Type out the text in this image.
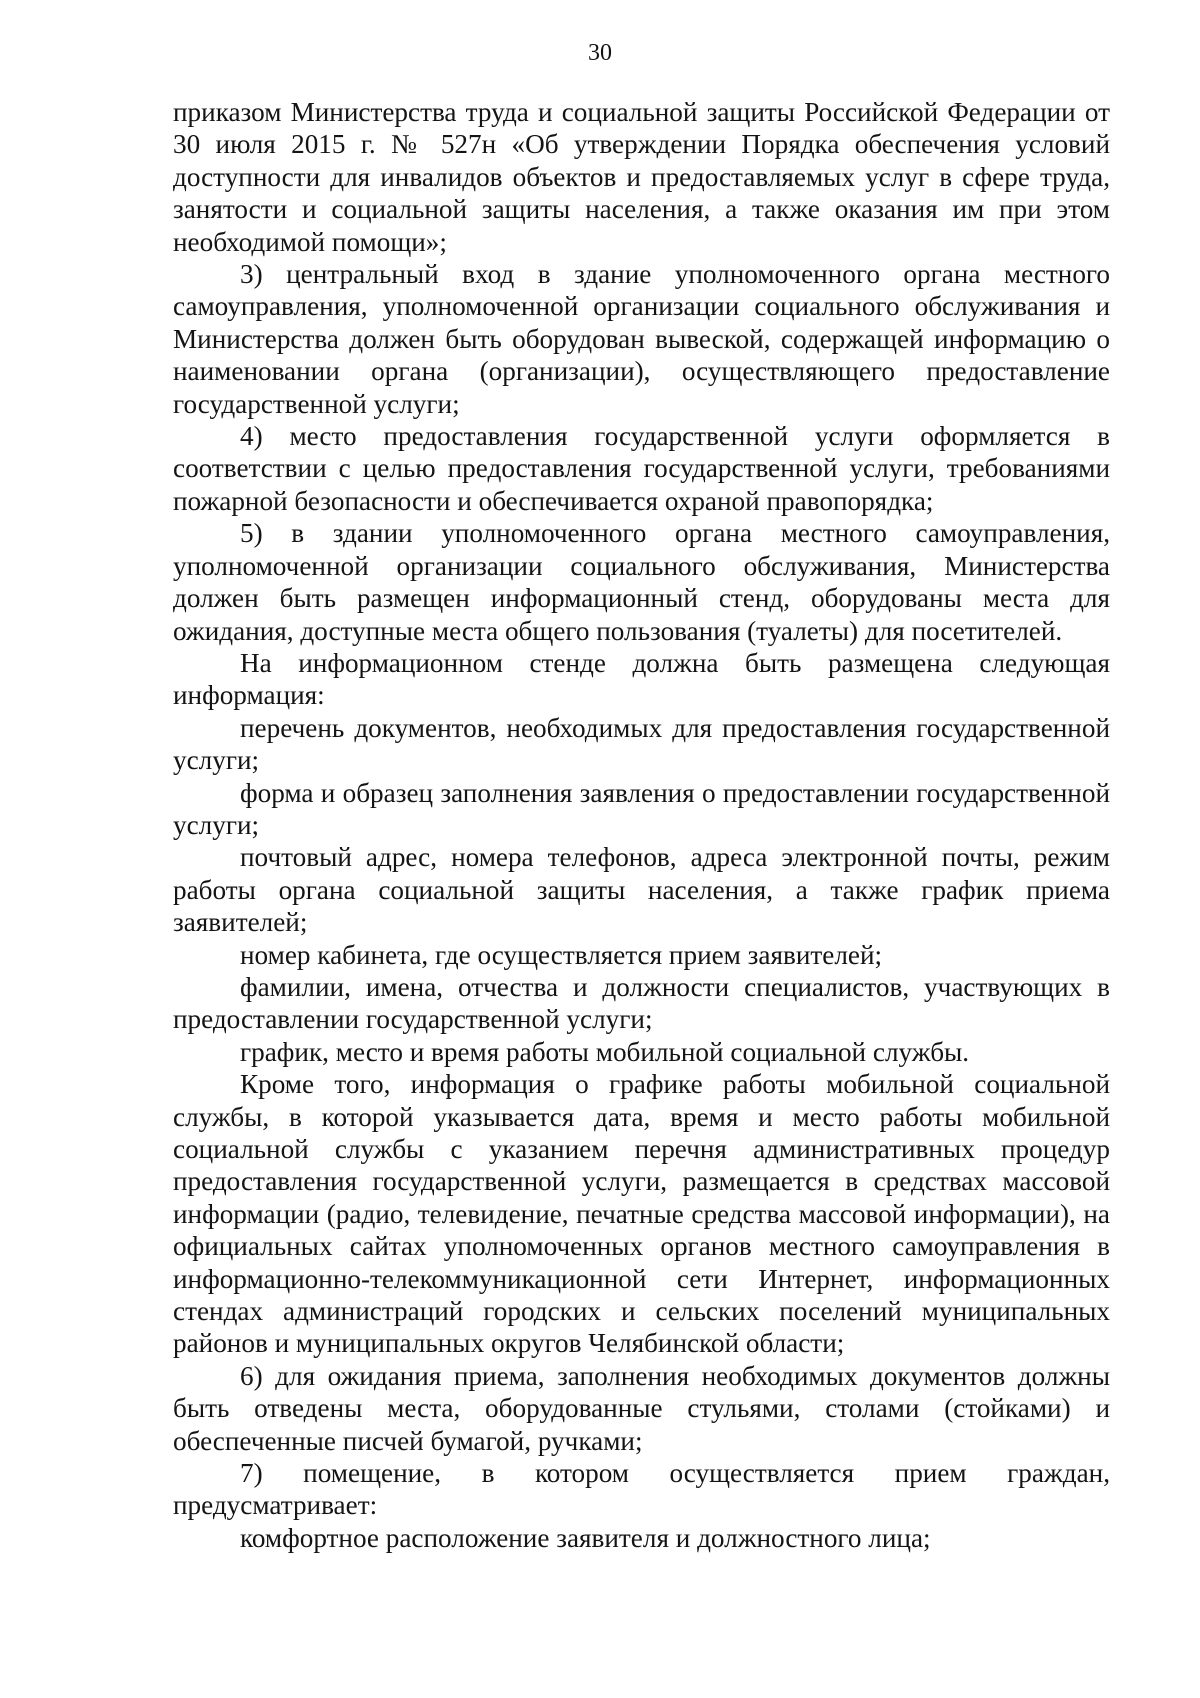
30

приказом Министерства труда и социальной защиты Российской Федерации от 30 июля 2015 г. № 527н «Об утверждении Порядка обеспечения условий доступности для инвалидов объектов и предоставляемых услуг в сфере труда, занятости и социальной защиты населения, а также оказания им при этом необходимой помощи»;

3) центральный вход в здание уполномоченного органа местного самоуправления, уполномоченной организации социального обслуживания и Министерства должен быть оборудован вывеской, содержащей информацию о наименовании органа (организации), осуществляющего предоставление государственной услуги;

4) место предоставления государственной услуги оформляется в соответствии с целью предоставления государственной услуги, требованиями пожарной безопасности и обеспечивается охраной правопорядка;

5) в здании уполномоченного органа местного самоуправления, уполномоченной организации социального обслуживания, Министерства должен быть размещен информационный стенд, оборудованы места для ожидания, доступные места общего пользования (туалеты) для посетителей.

На информационном стенде должна быть размещена следующая информация:

перечень документов, необходимых для предоставления государственной услуги;

форма и образец заполнения заявления о предоставлении государственной услуги;

почтовый адрес, номера телефонов, адреса электронной почты, режим работы органа социальной защиты населения, а также график приема заявителей;

номер кабинета, где осуществляется прием заявителей;

фамилии, имена, отчества и должности специалистов, участвующих в предоставлении государственной услуги;

график, место и время работы мобильной социальной службы.

Кроме того, информация о графике работы мобильной социальной службы, в которой указывается дата, время и место работы мобильной социальной службы с указанием перечня административных процедур предоставления государственной услуги, размещается в средствах массовой информации (радио, телевидение, печатные средства массовой информации), на официальных сайтах уполномоченных органов местного самоуправления в информационно-телекоммуникационной сети Интернет, информационных стендах администраций городских и сельских поселений муниципальных районов и муниципальных округов Челябинской области;

6) для ожидания приема, заполнения необходимых документов должны быть отведены места, оборудованные стульями, столами (стойками) и обеспеченные писчей бумагой, ручками;

7) помещение, в котором осуществляется прием граждан, предусматривает:

комфортное расположение заявителя и должностного лица;
